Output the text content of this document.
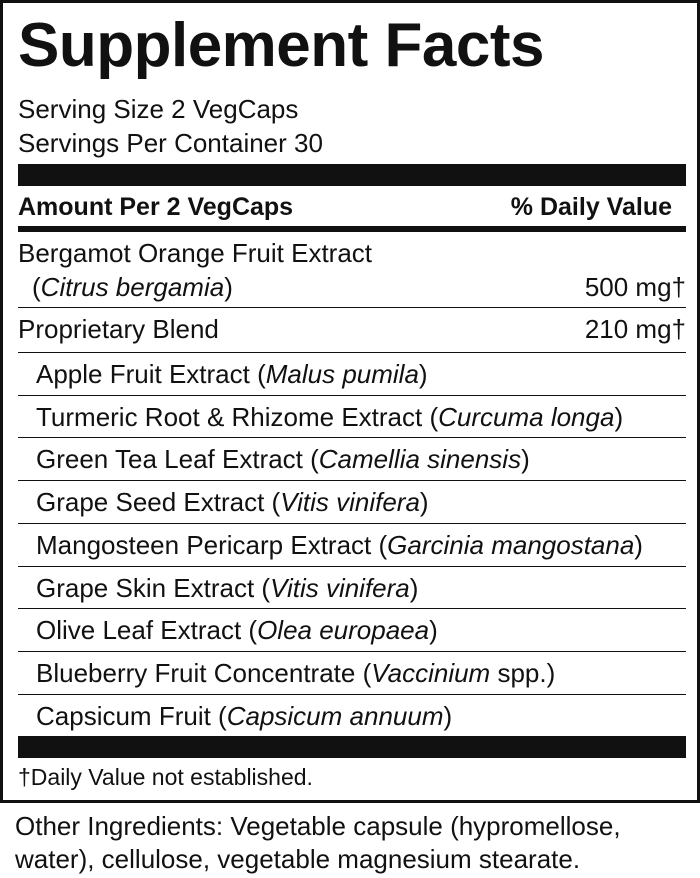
Supplement Facts
Serving Size 2 VegCaps
Servings Per Container 30
Amount Per 2 VegCaps	% Daily Value
Bergamot Orange Fruit Extract
(Citrus bergamia)	500 mg†
Proprietary Blend	210 mg†
Apple Fruit Extract (Malus pumila)
Turmeric Root & Rhizome Extract (Curcuma longa)
Green Tea Leaf Extract (Camellia sinensis)
Grape Seed Extract (Vitis vinifera)
Mangosteen Pericarp Extract (Garcinia mangostana)
Grape Skin Extract (Vitis vinifera)
Olive Leaf Extract (Olea europaea)
Blueberry Fruit Concentrate (Vaccinium spp.)
Capsicum Fruit (Capsicum annuum)
†Daily Value not established.
Other Ingredients: Vegetable capsule (hypromellose, water), cellulose, vegetable magnesium stearate.
